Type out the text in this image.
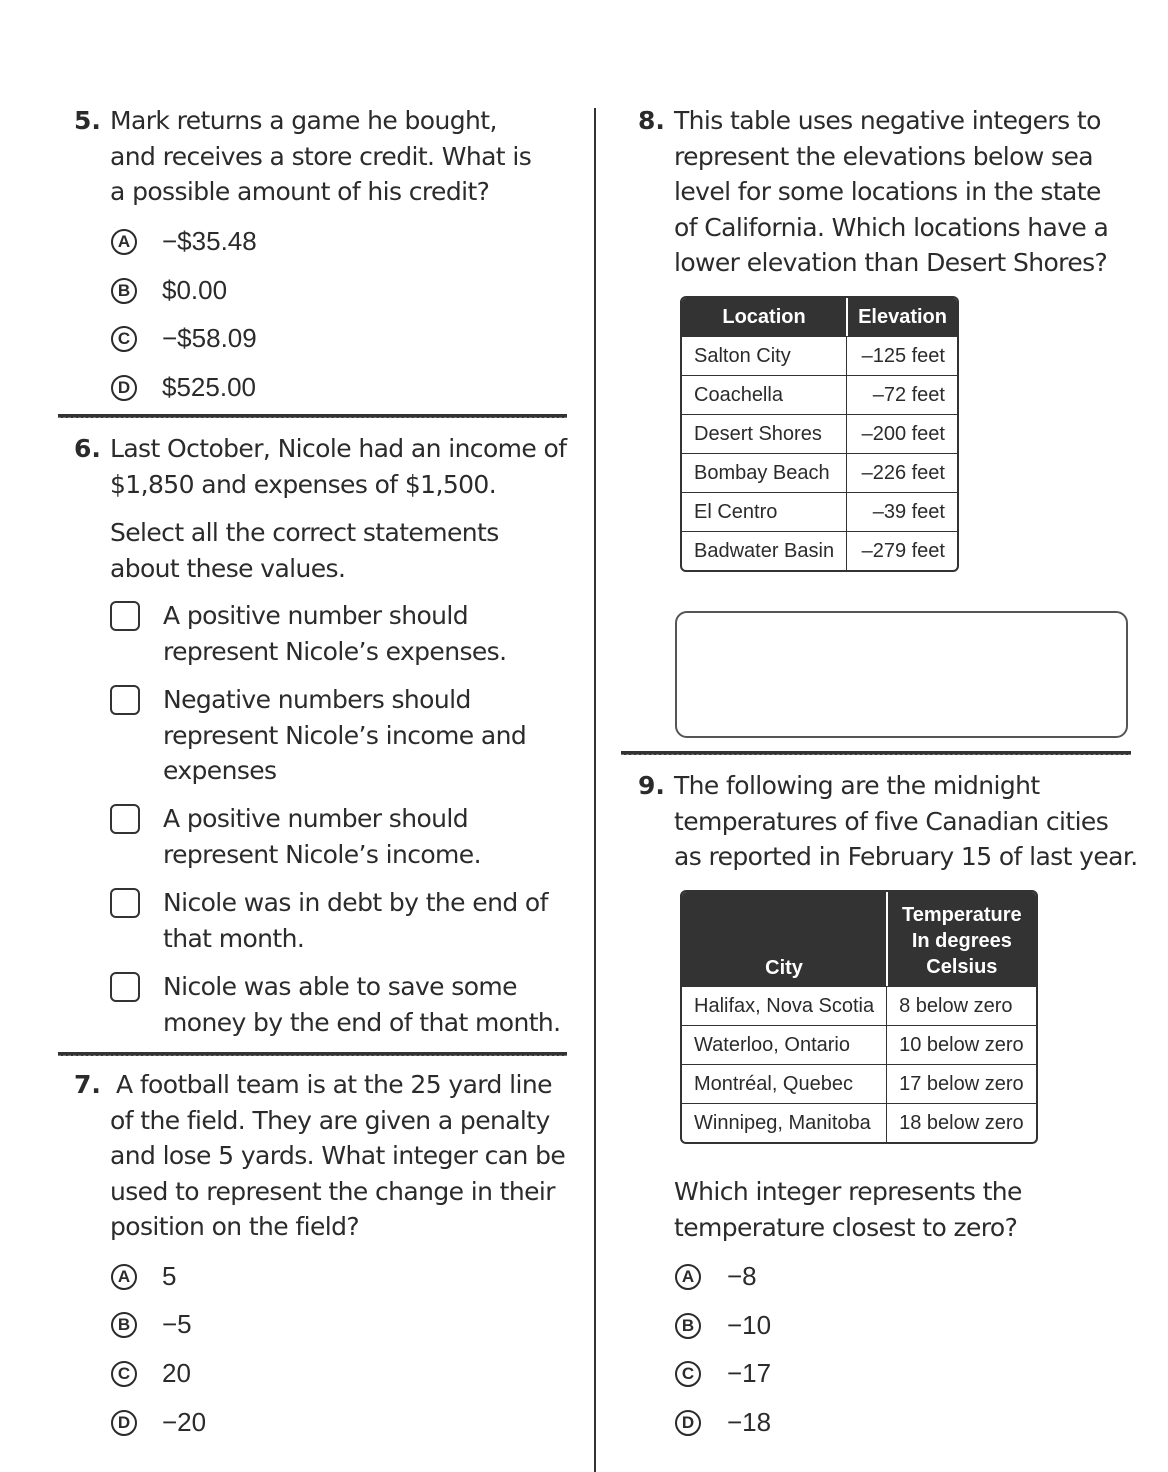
5. Mark returns a game he bought,
and receives a store credit. What is
a possible amount of his credit?
A −$35.48
B $0.00
C −$58.09
D $525.00
6. Last October, Nicole had an income of
$1,850 and expenses of $1,500.
Select all the correct statements
about these values.
A positive number should represent Nicole’s expenses.
Negative numbers should represent Nicole’s income and expenses
A positive number should represent Nicole’s income.
Nicole was in debt by the end of that month.
Nicole was able to save some money by the end of that month.
7. A football team is at the 25 yard line
of the field. They are given a penalty
and lose 5 yards. What integer can be
used to represent the change in their
position on the field?
A 5
B −5
C 20
D −20
8. This table uses negative integers to
represent the elevations below sea
level for some locations in the state
of California. Which locations have a
lower elevation than Desert Shores?
Location	Elevation
Salton City	–125 feet
Coachella	–72 feet
Desert Shores	–200 feet
Bombay Beach	–226 feet
El Centro	–39 feet
Badwater Basin	–279 feet
9. The following are the midnight
temperatures of five Canadian cities
as reported in February 15 of last year.
City	Temperature
In degrees
Celsius

Halifax, Nova Scotia	8 below zero
Waterloo, Ontario	10 below zero
Montréal, Quebec	17 below zero
Winnipeg, Manitoba	18 below zero
Which integer represents the
temperature closest to zero?
A −8
B −10
C −17
D −18
